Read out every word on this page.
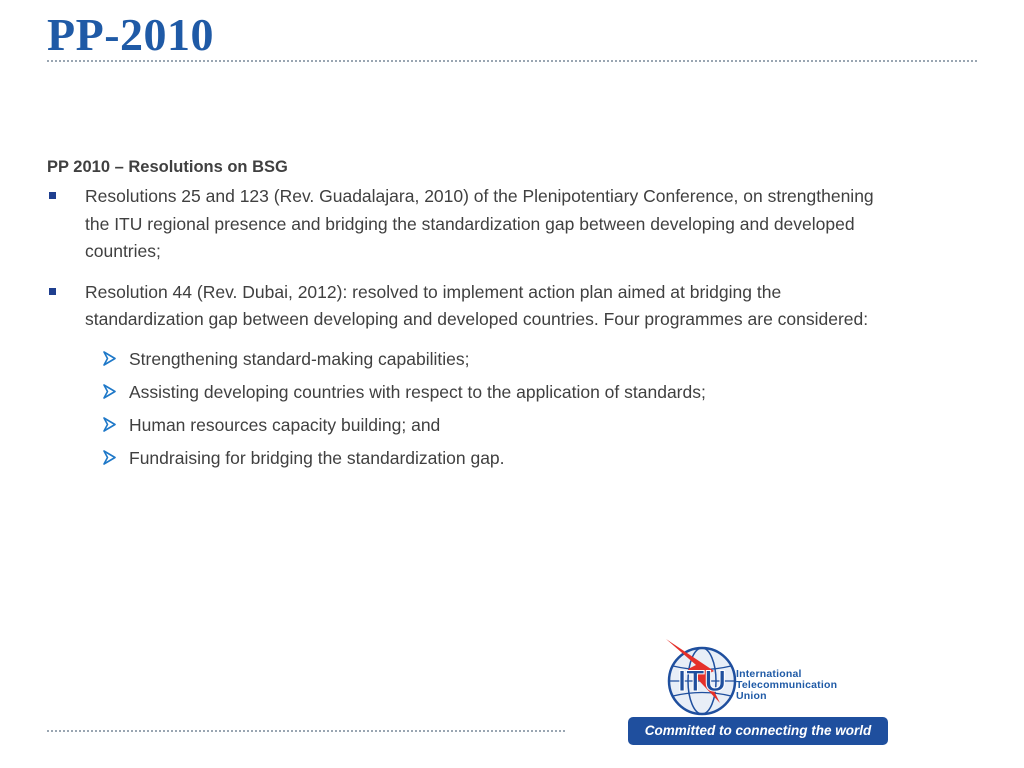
PP-2010

PP 2010 – Resolutions on BSG

Resolutions 25 and 123 (Rev. Guadalajara, 2010) of the Plenipotentiary Conference, on strengthening the ITU regional presence and bridging the standardization gap between developing and developed countries;
Resolution 44 (Rev. Dubai, 2012): resolved to implement action plan aimed at bridging the standardization gap between developing and developed countries. Four programmes are considered:
Strengthening standard-making capabilities;
Assisting developing countries with respect to the application of standards;
Human resources capacity building; and
Fundraising for bridging the standardization gap.
ITU International
Telecommunication
Union
Committed to connecting the world
